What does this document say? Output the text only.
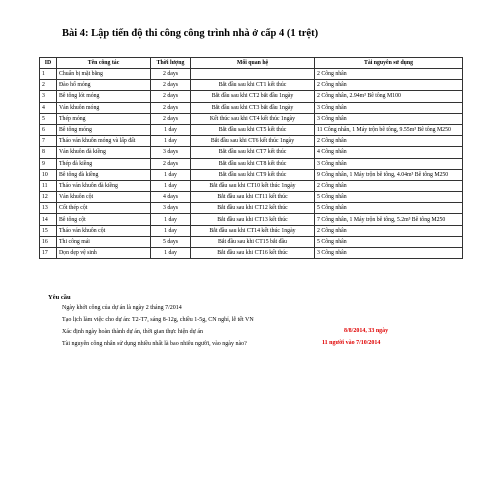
Bài 4: Lập tiến độ thi công công trình nhà ở cấp 4 (1 trệt)
ID	Tên công tác	Thời lượng	Mối quan hệ	Tài nguyên sử dụng
1	Chuẩn bị mặt bằng	2 days		2 Công nhân
2	Đào hố móng	2 days	Bắt đầu sau khi CT1 kết thúc	2 Công nhân
3	Bê tông lót móng	2 days	Bắt đầu sau khi CT2 bắt đầu 1ngày	2 Công nhân, 2.94m³ Bê tông M100
4	Ván khuôn móng	2 days	Bắt đầu sau khi CT3 bắt đầu 1ngày	3 Công nhân
5	Thép móng	2 days	Kết thúc sau khi CT4 kết thúc 1ngày	3 Công nhân
6	Bê tông móng	1 day	Bắt đầu sau khi CT5 kết thúc	11 Công nhân, 1 Máy trộn bê tông, 9.55m³ Bê tông M250
7	Tháo ván khuôn móng và lấp đất	1 day	Bắt đầu sau khi CT6 kết thúc 1ngày	2 Công nhân
8	Ván khuôn đà kiềng	3 days	Bắt đầu sau khi CT7 kết thúc	4 Công nhân
9	Thép đà kiềng	2 days	Bắt đầu sau khi CT8 kết thúc	3 Công nhân
10	Bê tông đà kiềng	1 day	Bắt đầu sau khi CT9 kết thúc	9 Công nhân, 1 Máy trộn bê tông, 4.04m³ Bê tông M250
11	Tháo ván khuôn đà kiềng	1 day	Bắt đầu sau khi CT10 kết thúc 1ngày	2 Công nhân
12	Ván khuôn cột	4 days	Bắt đầu sau khi CT11 kết thúc	5 Công nhân
13	Cốt thép cột	3 days	Bắt đầu sau khi CT12 kết thúc	5 Công nhân
14	Bê tông cột	1 day	Bắt đầu sau khi CT13 kết thúc	7 Công nhân, 1 Máy trộn bê tông, 5.2m³ Bê tông M250
15	Tháo ván khuôn cột	1 day	Bắt đầu sau khi CT14 kết thúc 1ngày	2 Công nhân
16	Thi công mái	5 days	Bắt đầu sau khi CT15 bắt đầu	5 Công nhân
17	Dọn dẹp vệ sinh	1 day	Bắt đầu sau khi CT16 kết thúc	3 Công nhân
Yêu cầu
Ngày khởi công của dự án là ngày 2 tháng 7/2014
Tạo lịch làm việc cho dự án: T2-T7, sáng 8-12g, chiều 1-5g, CN nghỉ, lễ tết VN
Xác định ngày hoàn thành dự án, thời gian thực hiện dự án
Tài nguyên công nhân sử dụng nhiều nhất là bao nhiêu người, vào ngày nào?
8/8/2014, 33 ngày
11 người vào 7/10/2014
